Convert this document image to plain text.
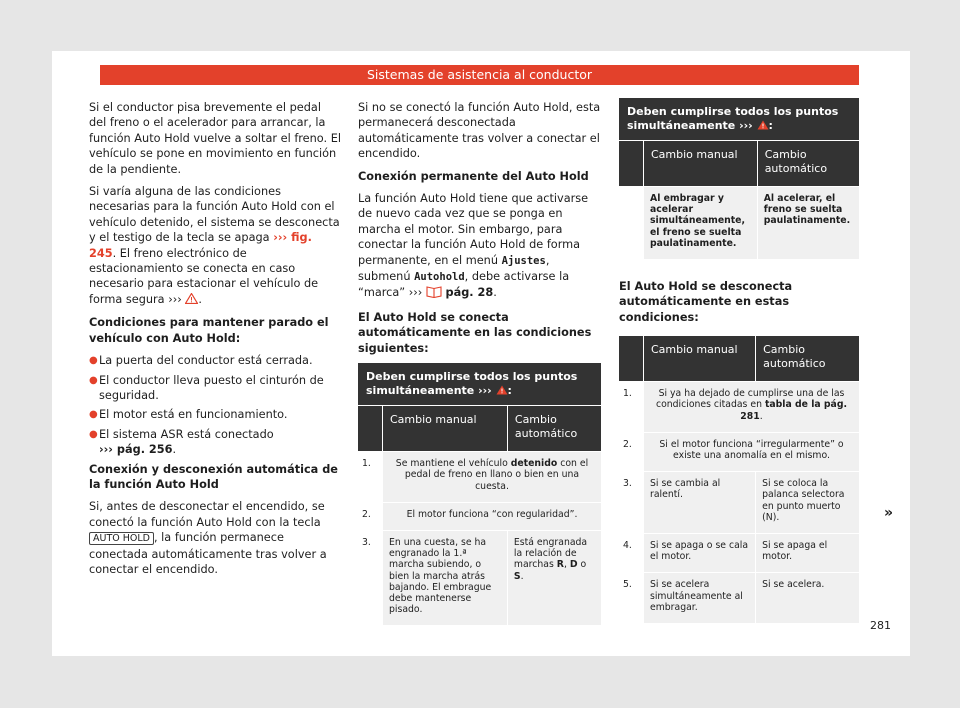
Sistemas de asistencia al conductor

Si el conductor pisa brevemente el pedal del freno o el acelerador para arrancar, la función Auto Hold vuelve a soltar el freno. El vehículo se pone en movimiento en función de la pendiente.

Si varía alguna de las condiciones necesarias para la función Auto Hold con el vehículo detenido, el sistema se desconecta y el testigo de la tecla se apaga ››› fig. 245. El freno electrónico de estacionamiento se conecta en caso necesario para estacionar el vehículo de forma segura ››› .

Condiciones para mantener parado el vehículo con Auto Hold:

● La puerta del conductor está cerrada.
● El conductor lleva puesto el cinturón de seguridad.
● El motor está en funcionamiento.
● El sistema ASR está conectado
››› pág. 256.

Conexión y desconexión automática de la función Auto Hold

Si, antes de desconectar el encendido, se conectó la función Auto Hold con la tecla AUTO HOLD , la función permanece conectada automáticamente tras volver a conectar el encendido.

Si no se conectó la función Auto Hold, esta permanecerá desconectada automáticamente tras volver a conectar el encendido.

Conexión permanente del Auto Hold

La función Auto Hold tiene que activarse de nuevo cada vez que se ponga en marcha el motor. Sin embargo, para conectar la función Auto Hold de forma permanente, en el menú Ajustes, submenú Autohold, debe activarse la “marca” ››› pág. 28.

El Auto Hold se conecta automáticamente en las condiciones siguientes:

Deben cumplirse todos los puntos simultáneamente ››› :		
	Cambio manual	Cambio automático
1.	Se mantiene el vehículo detenido con el pedal de freno en llano o bien en una cuesta.	
2.	El motor funciona “con regularidad”.	
3.	En una cuesta, se ha engranado la 1.ª marcha subiendo, o bien la marcha atrás bajando. El embrague debe mantenerse pisado.	Está engranada la relación de marchas R, D o S.
Deben cumplirse todos los puntos simultáneamente ››› :		
	Cambio manual	Cambio automático
	Al embragar y acelerar simultáneamente, el freno se suelta paulatinamente.	Al acelerar, el freno se suelta paulatinamente.

El Auto Hold se desconecta automáticamente en estas condiciones:

	Cambio manual	Cambio automático
1.	Si ya ha dejado de cumplirse una de las condiciones citadas en tabla de la pág. 281.	
2.	Si el motor funciona “irregularmente” o existe una anomalía en el mismo.	
3.	Si se cambia al ralentí.	Si se coloca la palanca selectora en punto muerto (N).
4.	Si se apaga o se cala el motor.	Si se apaga el motor.
5.	Si se acelera simultáneamente al embragar.	Si se acelera.
»
281
